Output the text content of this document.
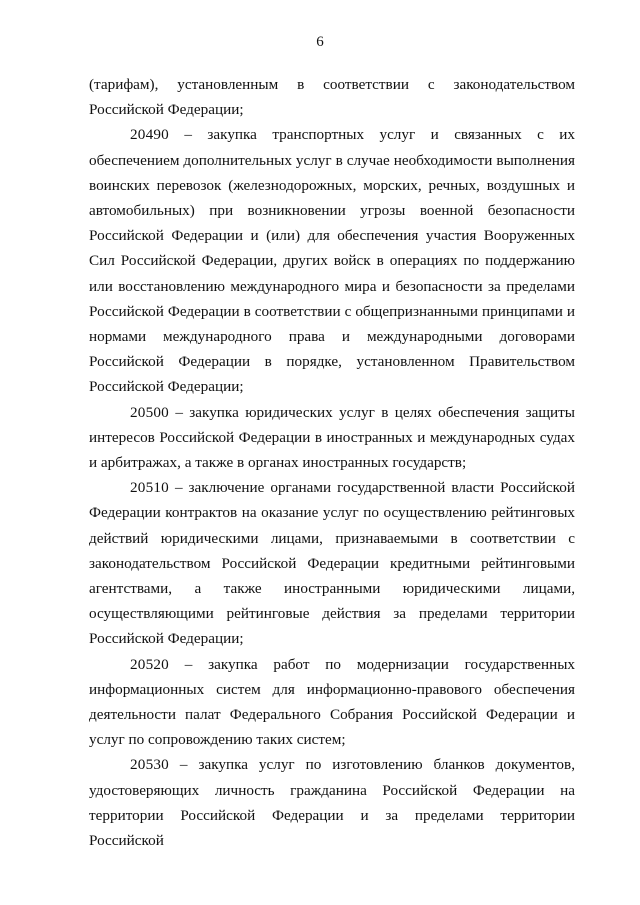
6

(тарифам), установленным в соответствии с законодательством Российской Федерации;

20490 – закупка транспортных услуг и связанных с их обеспечением дополнительных услуг в случае необходимости выполнения воинских перевозок (железнодорожных, морских, речных, воздушных и автомобильных) при возникновении угрозы военной безопасности Российской Федерации и (или) для обеспечения участия Вооруженных Сил Российской Федерации, других войск в операциях по поддержанию или восстановлению международного мира и безопасности за пределами Российской Федерации в соответствии с общепризнанными принципами и нормами международного права и международными договорами Российской Федерации в порядке, установленном Правительством Российской Федерации;

20500 – закупка юридических услуг в целях обеспечения защиты интересов Российской Федерации в иностранных и международных судах и арбитражах, а также в органах иностранных государств;

20510 – заключение органами государственной власти Российской Федерации контрактов на оказание услуг по осуществлению рейтинговых действий юридическими лицами, признаваемыми в соответствии с законодательством Российской Федерации кредитными рейтинговыми агентствами, а также иностранными юридическими лицами, осуществляющими рейтинговые действия за пределами территории Российской Федерации;

20520 – закупка работ по модернизации государственных информационных систем для информационно-правового обеспечения деятельности палат Федерального Собрания Российской Федерации и услуг по сопровождению таких систем;

20530 – закупка услуг по изготовлению бланков документов, удостоверяющих личность гражданина Российской Федерации на территории Российской Федерации и за пределами территории Российской
